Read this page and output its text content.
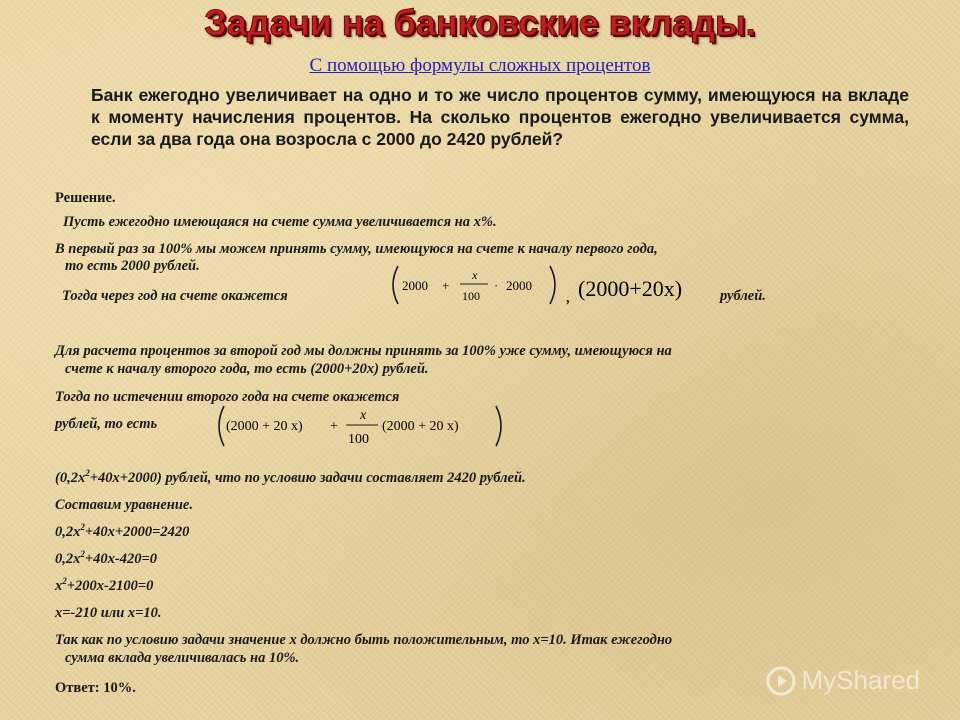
Задачи на банковские вклады.
С помощью формулы сложных процентов
Банк ежегодно увеличивает на одно и то же число процентов сумму, имеющуюся на вкладе к моменту начисления процентов. На сколько процентов ежегодно увеличивается сумма, если за два года она возросла с 2000 до 2420 рублей?
Решение.
Пусть ежегодно имеющаяся на счете сумма увеличивается на х%.
В первый раз за 100% мы можем принять сумму, имеющуюся на счете к началу первого года,
то есть 2000 рублей.
Тогда через год на счете окажется
2000 +
x
100
· 2000
, (2000+20x)	рублей.
Для расчета процентов за второй год мы должны принять за 100% уже сумму, имеющуюся на
счете к началу второго года, то есть (2000+20х) рублей.
Тогда по истечении второго года на счете окажется
рублей, то есть	(2000 + 20 x) +
x
100
(2000 + 20 x)
$(0,2х^2+40х+2000)$ рублей, что по условию задачи составляет 2420 рублей.
Составим уравнение.
$0,2х^2+40х+2000=2420$
$0,2х^2+40х-420=0$
$х^2+200х-2100=0$
х=-210 или х=10.
Так как по условию задачи значение х должно быть положительным, то х=10. Итак ежегодно
сумма вклада увеличивалась на 10%.
Ответ: 10%.	MyShared
